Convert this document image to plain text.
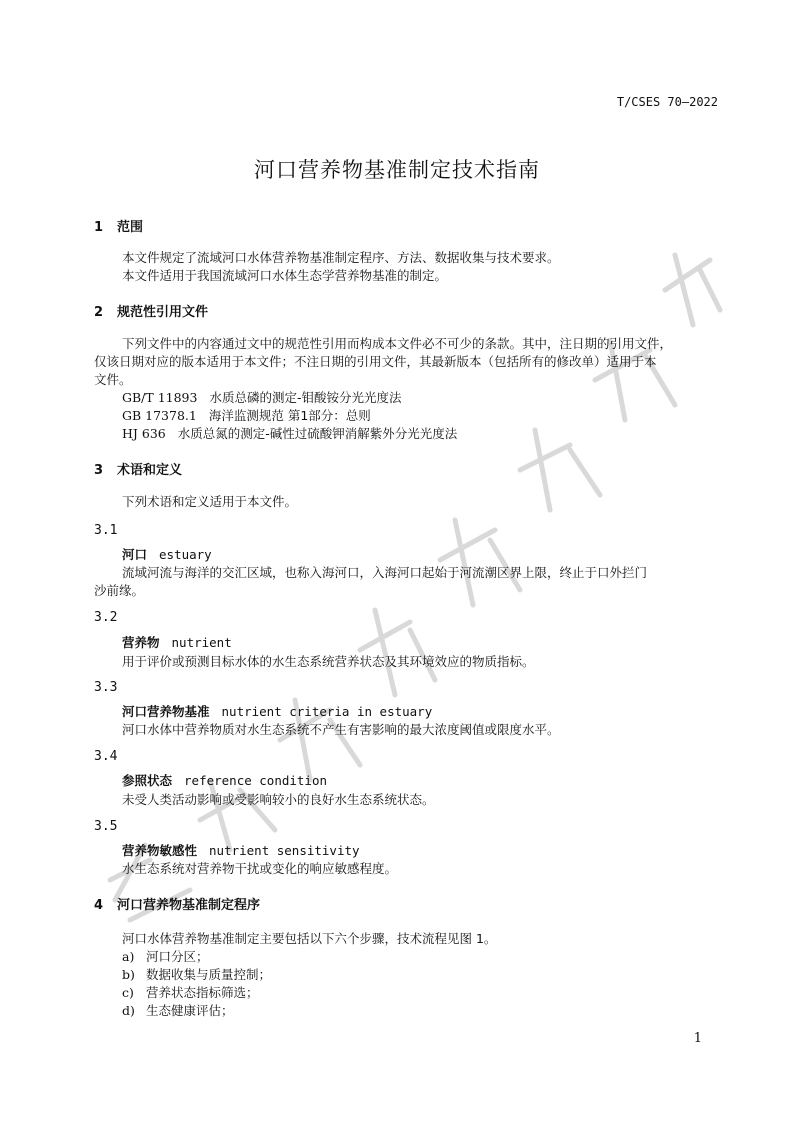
T/CSES 70—2022
河口营养物基准制定技术指南
1 范围
本文件规定了流域河口水体营养物基准制定程序、方法、数据收集与技术要求。
本文件适用于我国流域河口水体生态学营养物基准的制定。
2 规范性引用文件
下列文件中的内容通过文中的规范性引用而构成本文件必不可少的条款。其中，注日期的引用文件，
仅该日期对应的版本适用于本文件；不注日期的引用文件，其最新版本（包括所有的修改单）适用于本
文件。
GB/T 11893 水质总磷的测定-钼酸铵分光光度法
GB 17378.1 海洋监测规范 第1部分：总则
HJ 636 水质总氮的测定-碱性过硫酸钾消解紫外分光光度法
3 术语和定义
下列术语和定义适用于本文件。
3.1
河口 estuary
流域河流与海洋的交汇区域，也称入海河口，入海河口起始于河流潮区界上限，终止于口外拦门
沙前缘。
3.2
营养物 nutrient
用于评价或预测目标水体的水生态系统营养状态及其环境效应的物质指标。
3.3
河口营养物基准 nutrient criteria in estuary
河口水体中营养物质对水生态系统不产生有害影响的最大浓度阈值或限度水平。
3.4
参照状态 reference condition
未受人类活动影响或受影响较小的良好水生态系统状态。
3.5
营养物敏感性 nutrient sensitivity
水生态系统对营养物干扰或变化的响应敏感程度。
4 河口营养物基准制定程序
河口水体营养物基准制定主要包括以下六个步骤，技术流程见图 1。
a) 河口分区；
b) 数据收集与质量控制；
c) 营养状态指标筛选；
d) 生态健康评估；
1
